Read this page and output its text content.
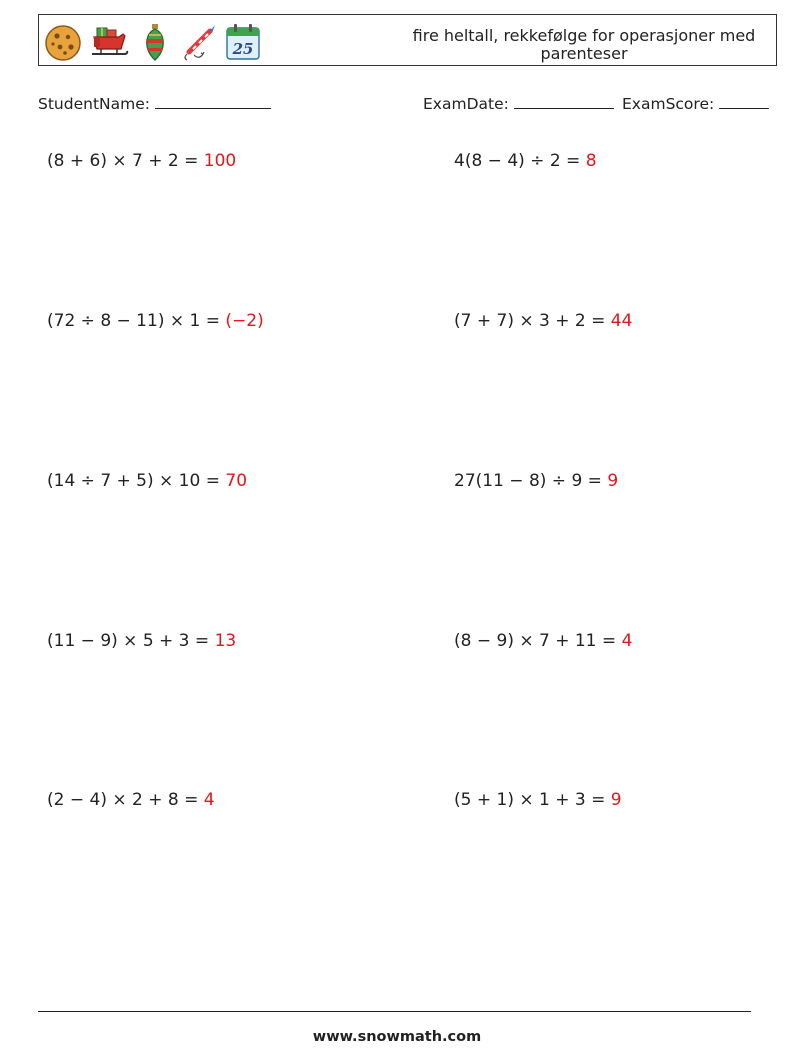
25
fire heltall, rekkefølge for operasjoner med parenteser
StudentName:	ExamDate:	ExamScore:
(8 + 6) × 7 + 2 = 100	4(8 − 4) ÷ 2 = 8
(72 ÷ 8 − 11) × 1 = (−2)	(7 + 7) × 3 + 2 = 44
(14 ÷ 7 + 5) × 10 = 70	27(11 − 8) ÷ 9 = 9
(11 − 9) × 5 + 3 = 13	(8 − 9) × 7 + 11 = 4
(2 − 4) × 2 + 8 = 4	(5 + 1) × 1 + 3 = 9
www.snowmath.com
